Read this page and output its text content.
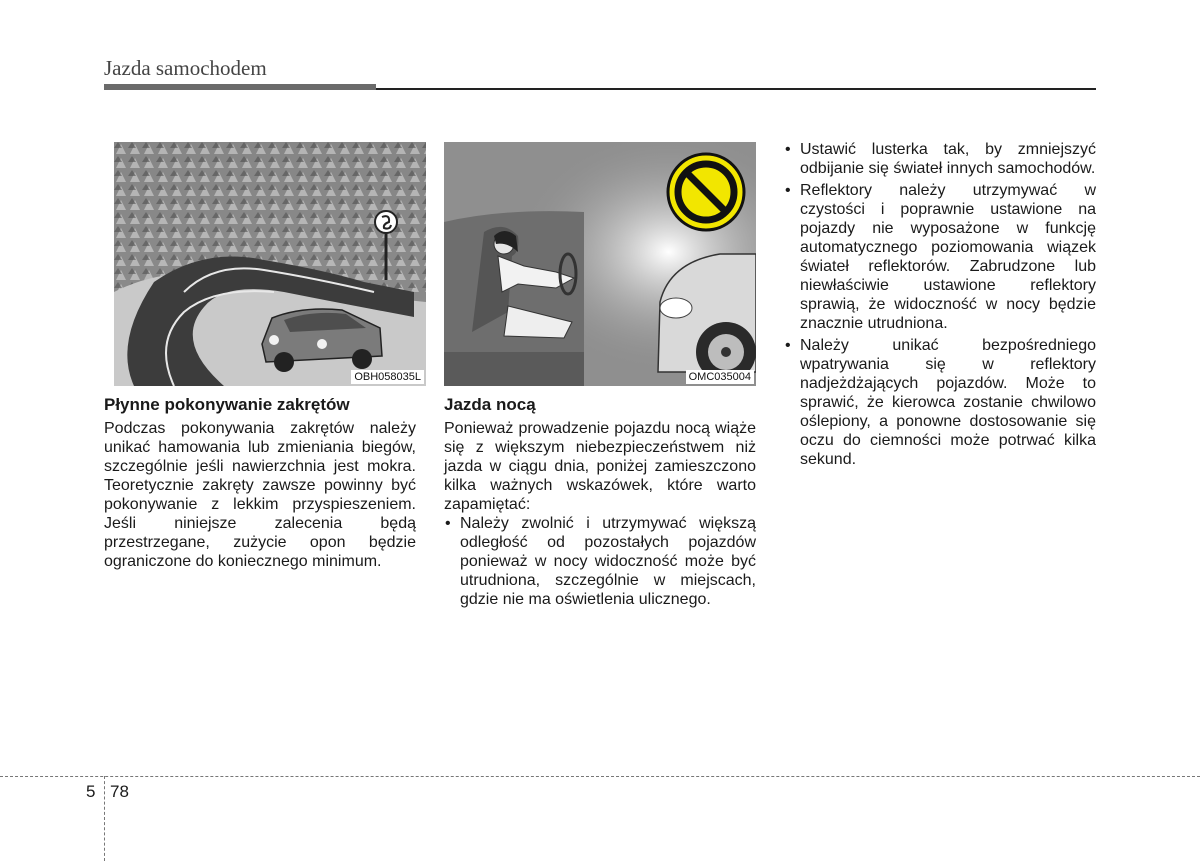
Jazda samochodem
OBH058035L	OMC035004
Płynne pokonywanie zakrętów

Podczas pokonywania zakrętów należy unikać hamowania lub zmieniania biegów, szczególnie jeśli nawierzchnia jest mokra. Teoretycznie zakręty zawsze powinny być pokonywanie z lekkim przyspieszeniem. Jeśli niniejsze zalecenia będą przestrzegane, zużycie opon będzie ograniczone do koniecznego minimum.

Jazda nocą

Ponieważ prowadzenie pojazdu nocą wiąże się z większym niebezpieczeństwem niż jazda w ciągu dnia, poniżej zamieszczono kilka ważnych wskazówek, które warto zapamiętać:

• Należy zwolnić i utrzymywać większą odległość od pozostałych pojazdów ponieważ w nocy widoczność może być utrudniona, szczególnie w miejscach, gdzie nie ma oświetlenia ulicznego.
• Ustawić lusterka tak, by zmniejszyć odbijanie się świateł innych samochodów.
• Reflektory należy utrzymywać w czystości i poprawnie ustawione na pojazdy nie wyposażone w funkcję automatycznego poziomowania wiązek świateł reflektorów. Zabrudzone lub niewłaściwie ustawione reflektory sprawią, że widoczność w nocy będzie znacznie utrudniona.
• Należy unikać bezpośredniego wpatrywania się w reflektory nadjeżdżających pojazdów. Może to sprawić, że kierowca zostanie chwilowo oślepiony, a ponowne dostosowanie się oczu do ciemności może potrwać kilka sekund.
5 78
